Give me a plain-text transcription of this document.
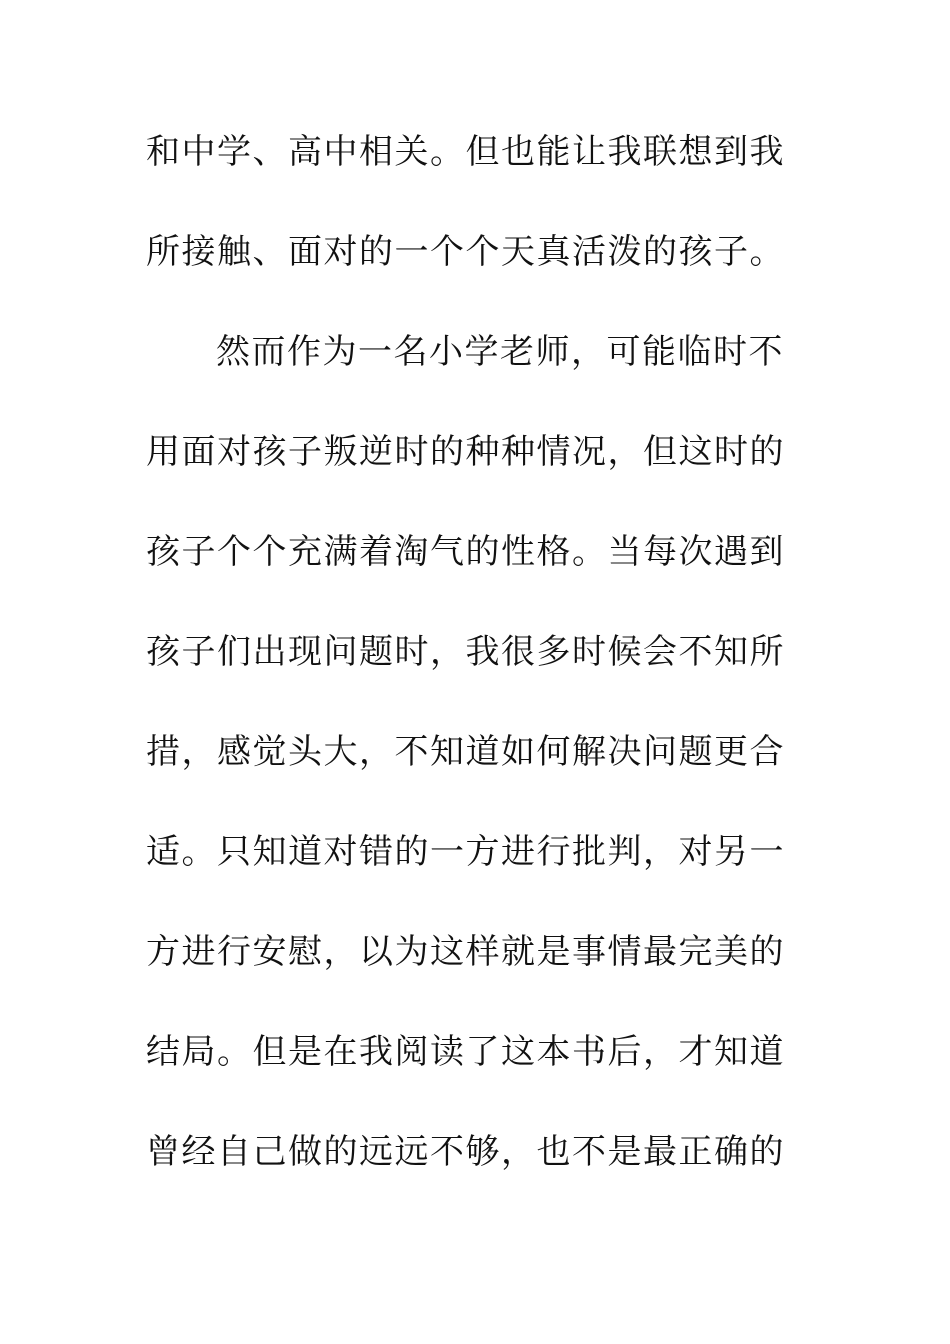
和中学、高中相关。但也能让我联想到我
所接触、面对的一个个天真活泼的孩子。
然而作为一名小学老师，可能临时不
用面对孩子叛逆时的种种情况，但这时的
孩子个个充满着淘气的性格。当每次遇到
孩子们出现问题时，我很多时候会不知所
措，感觉头大，不知道如何解决问题更合
适。只知道对错的一方进行批判，对另一
方进行安慰，以为这样就是事情最完美的
结局。但是在我阅读了这本书后，才知道
曾经自己做的远远不够，也不是最正确的
